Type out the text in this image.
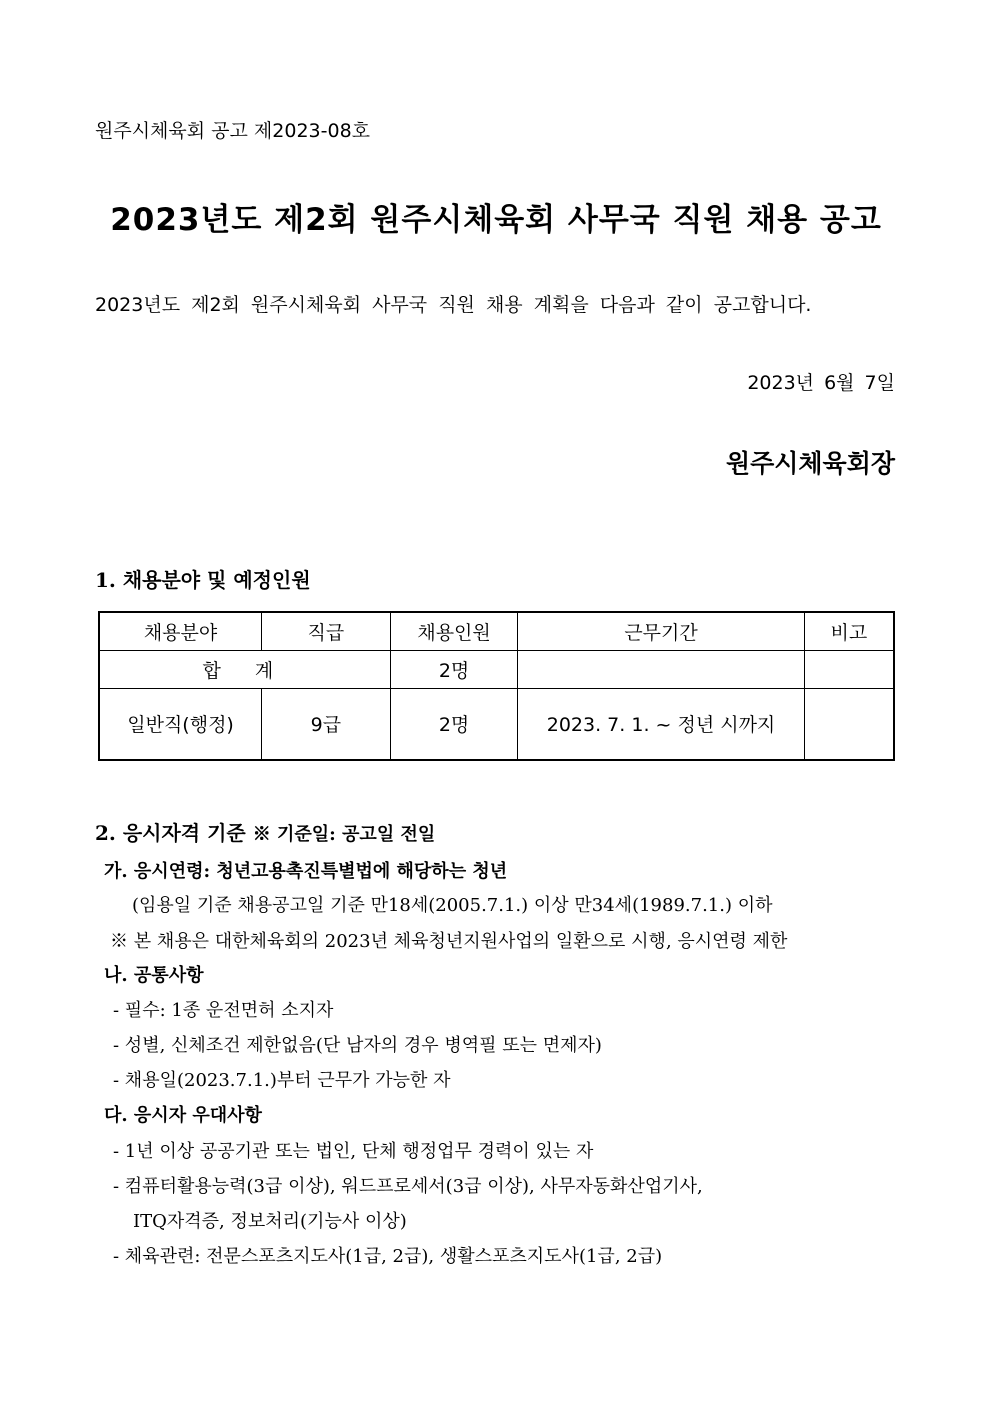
원주시체육회 공고 제2023-08호
2023년도 제2회 원주시체육회 사무국 직원 채용 공고
2023년도 제2회 원주시체육회 사무국 직원 채용 계획을 다음과 같이 공고합니다.
2023년 6월 7일
원주시체육회장
1. 채용분야 및 예정인원
채용분야	직급	채용인원	근무기간	비고
합 계		2명		
일반직(행정)	9급	2명	2023. 7. 1. ~ 정년 시까지	
2. 응시자격 기준 ※ 기준일: 공고일 전일
가. 응시연령: 청년고용촉진특별법에 해당하는 청년
(임용일 기준 채용공고일 기준 만18세(2005.7.1.) 이상 만34세(1989.7.1.) 이하
※ 본 채용은 대한체육회의 2023년 체육청년지원사업의 일환으로 시행, 응시연령 제한
나. 공통사항
- 필수: 1종 운전면허 소지자
- 성별, 신체조건 제한없음(단 남자의 경우 병역필 또는 면제자)
- 채용일(2023.7.1.)부터 근무가 가능한 자
다. 응시자 우대사항
- 1년 이상 공공기관 또는 법인, 단체 행정업무 경력이 있는 자
- 컴퓨터활용능력(3급 이상), 워드프로세서(3급 이상), 사무자동화산업기사,
ITQ자격증, 정보처리(기능사 이상)
- 체육관련: 전문스포츠지도사(1급, 2급), 생활스포츠지도사(1급, 2급)
